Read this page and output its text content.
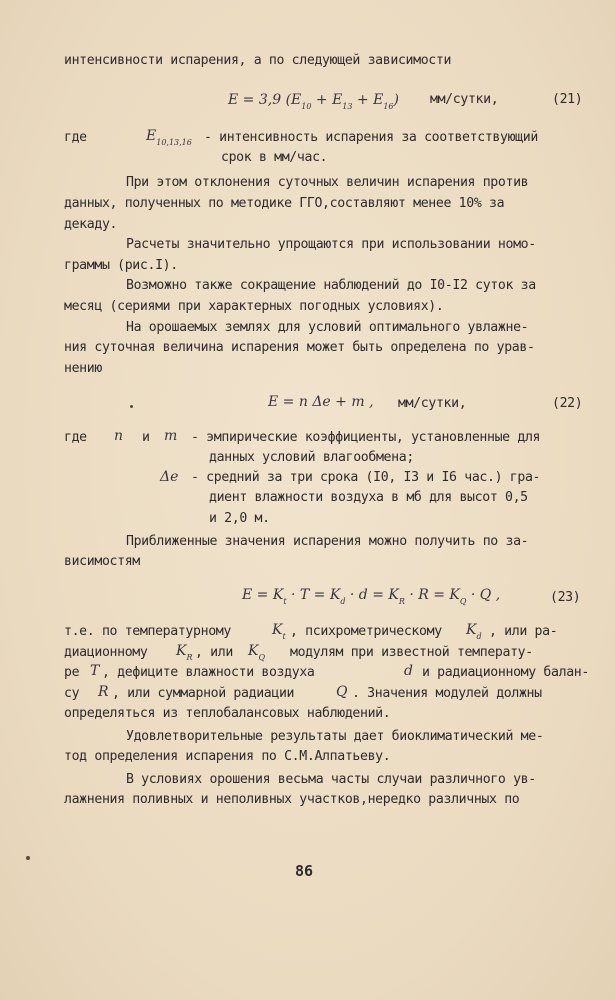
интенсивности испарения, а по следующей зависимости
E = 3,9 $(E_{10} + E_{13} + E_{16})$ мм/сутки,	(21)
где	$E_{10,13,16}$ - интенсивность испарения за соответствующий
срок в мм/час.
При этом отклонения суточных величин испарения против
данных, полученных по методике ГГО,составляют менее 10% за
декаду.
Расчеты значительно упрощаются при использовании номо-
граммы (рис.I).
Возможно также сокращение наблюдений до I0-I2 суток за
месяц (сериями при характерных погодных условиях).
На орошаемых землях для условий оптимального увлажне-
ния суточная величина испарения может быть определена по урав-
нению
E = n Δe + m , мм/сутки,	(22)
где n и m - эмпирические коэффициенты, установленные для
данных условий влагообмена;
Δe - средний за три срока (I0, I3 и I6 час.) гра-
диент влажности воздуха в мб для высот 0,5
и 2,0 м.
Приближенные значения испарения можно получить по за-
висимостям
$E = K_t \cdot T = K_d \cdot d = K_R \cdot R = K_Q \cdot Q$ ,	(23)
т.е. по температурному	$K_t$ , психрометрическому $K_d$ , или ра-
диационному $K_R$ , или $K_Q$ модулям при известной температу-
ре T , дефиците влажности воздуха	d и радиационному балан-
су R , или суммарной радиации	Q . Значения модулей должны
определяться из теплобалансовых наблюдений.
Удовлетворительные результаты дает биоклиматический ме-
тод определения испарения по С.М.Алпатьеву.
В условиях орошения весьма часты случаи различного ув-
лажнения поливных и неполивных участков,нередко различных по
86
